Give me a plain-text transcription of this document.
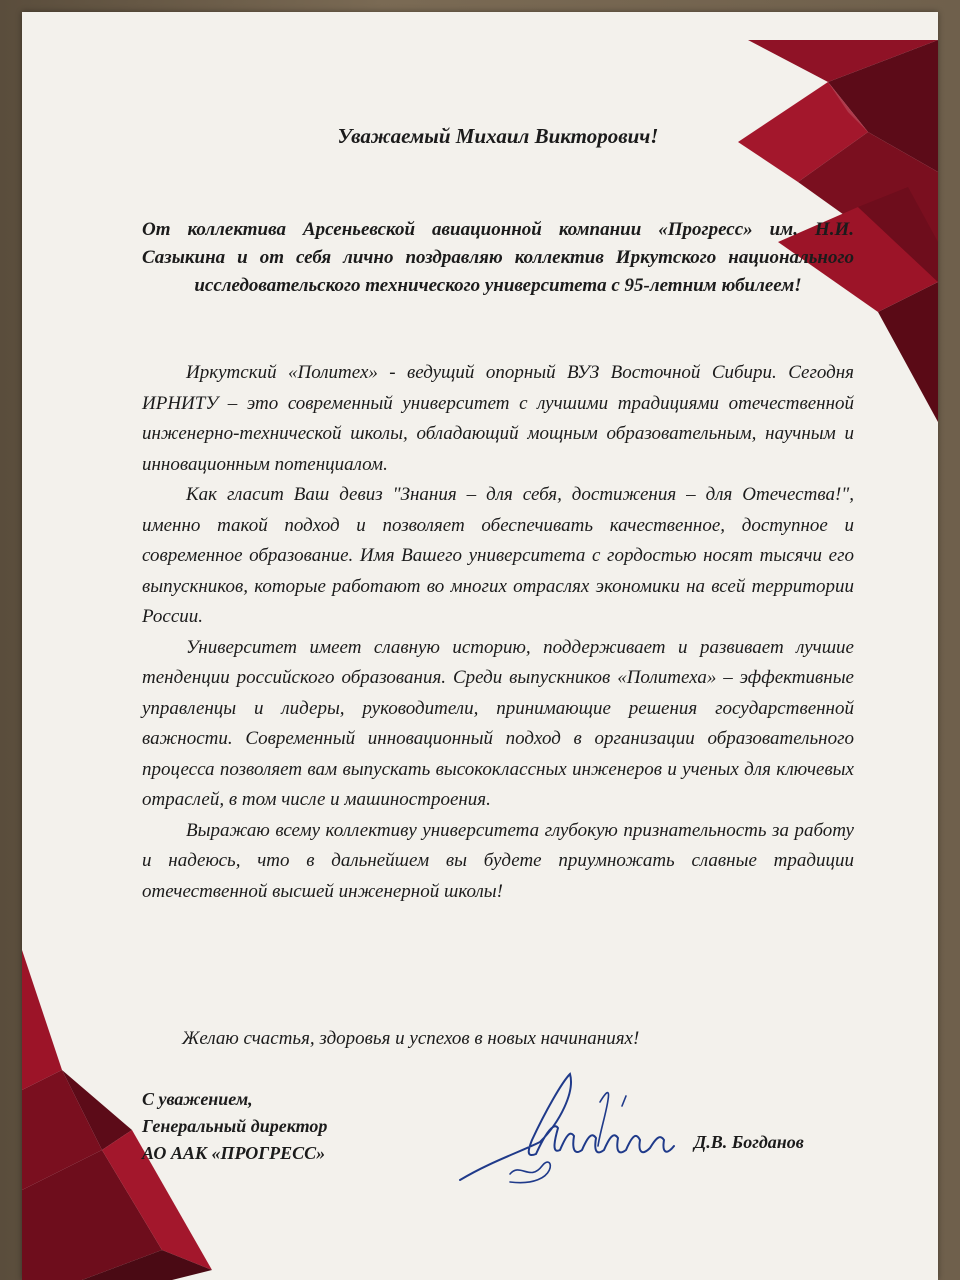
Уважаемый Михаил Викторович!

От коллектива Арсеньевской авиационной компании «Прогресс» им. Н.И. Сазыкина и от себя лично поздравляю коллектив Иркутского национального исследовательского технического университета с 95-летним юбилеем!

Иркутский «Политех» - ведущий опорный ВУЗ Восточной Сибири. Сегодня ИРНИТУ – это современный университет с лучшими традициями отечественной инженерно-технической школы, обладающий мощным образовательным, научным и инновационным потенциалом.

Как гласит Ваш девиз "Знания – для себя, достижения – для Отечества!", именно такой подход и позволяет обеспечивать качественное, доступное и современное образование. Имя Вашего университета с гордостью носят тысячи его выпускников, которые работают во многих отраслях экономики на всей территории России.

Университет имеет славную историю, поддерживает и развивает лучшие тенденции российского образования. Среди выпускников «Политеха» – эффективные управленцы и лидеры, руководители, принимающие решения государственной важности. Современный инновационный подход в организации образовательного процесса позволяет вам выпускать высококлассных инженеров и ученых для ключевых отраслей, в том числе и машиностроения.

Выражаю всему коллективу университета глубокую признательность за работу и надеюсь, что в дальнейшем вы будете приумножать славные традиции отечественной высшей инженерной школы!

Желаю счастья, здоровья и успехов в новых начинаниях!

С уважением,
Генеральный директор
АО ААК «ПРОГРЕСС»
Д.В. Богданов
